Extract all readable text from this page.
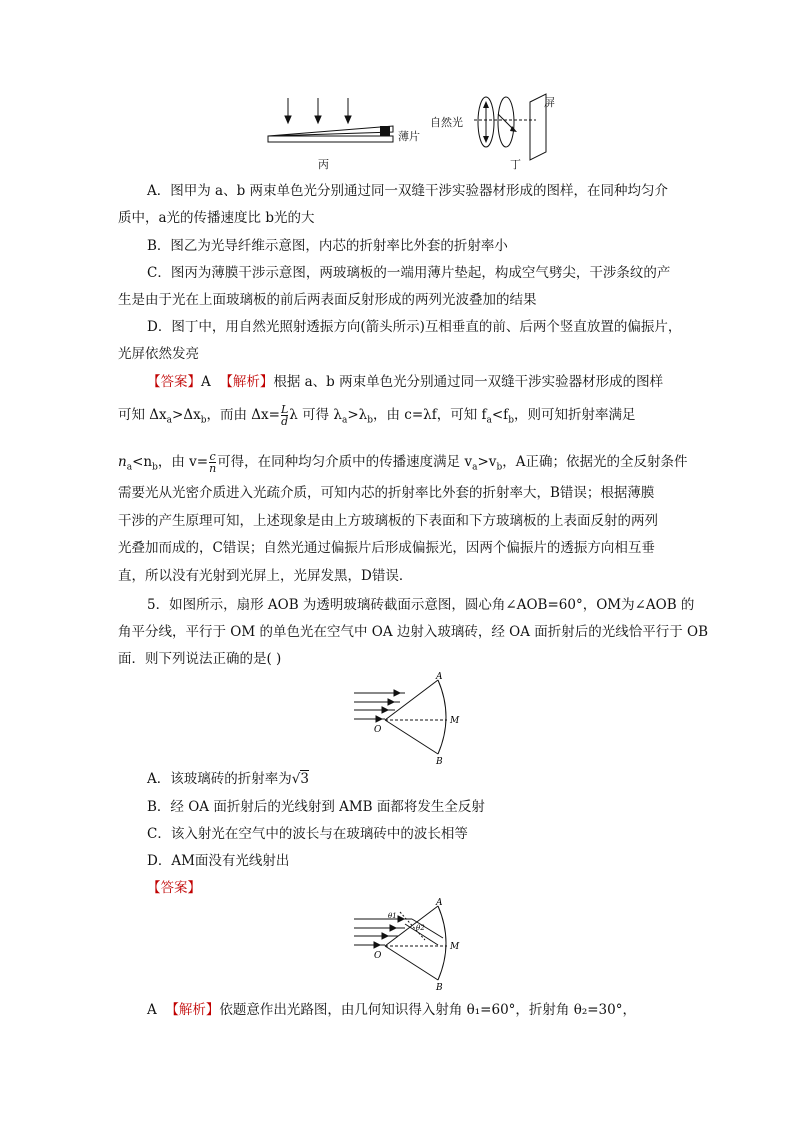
薄片
丙
自然光
屏
丁
A．图甲为 a、b 两束单色光分别通过同一双缝干涉实验器材形成的图样，在同种均匀介
质中，a光的传播速度比 b光的大
B．图乙为光导纤维示意图，内芯的折射率比外套的折射率小
C．图丙为薄膜干涉示意图，两玻璃板的一端用薄片垫起，构成空气劈尖，干涉条纹的产
生是由于光在上面玻璃板的前后两表面反射形成的两列光波叠加的结果
D．图丁中，用自然光照射透振方向(箭头所示)互相垂直的前、后两个竖直放置的偏振片，
光屏依然发亮
【答案】A 【解析】根据 a、b 两束单色光分别通过同一双缝干涉实验器材形成的图样
可知 $\Delta x_a>\Delta x_b$，而由 $\Delta x= \frac{L}{d}$ λ 可得 $\lambda_a>\lambda_b$，由 c=λf，可知 $f_a<f_b$，则可知折射率满足
$n_a<n_b$，由 $v= \frac{c}{n}$ 可得，在同种均匀介质中的传播速度满足 $v_a>v_b$，A正确；依据光的全反射条件
需要光从光密介质进入光疏介质，可知内芯的折射率比外套的折射率大，B错误；根据薄膜
干涉的产生原理可知，上述现象是由上方玻璃板的下表面和下方玻璃板的上表面反射的两列
光叠加而成的，C错误；自然光通过偏振片后形成偏振光，因两个偏振片的透振方向相互垂
直，所以没有光射到光屏上，光屏发黑，D错误．
5．如图所示，扇形 AOB 为透明玻璃砖截面示意图，圆心角∠AOB=60°，OM为∠AOB 的
角平分线，平行于 OM 的单色光在空气中 OA 边射入玻璃砖，经 OA 面折射后的光线恰平行于 OB
面．则下列说法正确的是( )
A
B
O
M
A．该玻璃砖的折射率为√3
B．经 OA 面折射后的光线射到 AMB 面都将发生全反射
C．该入射光在空气中的波长与在玻璃砖中的波长相等
D．AM面没有光线射出
【答案】
A
B
O
M
θ1
θ2
A 【解析】依题意作出光路图，由几何知识得入射角 θ₁=60°，折射角 θ₂=30°，
